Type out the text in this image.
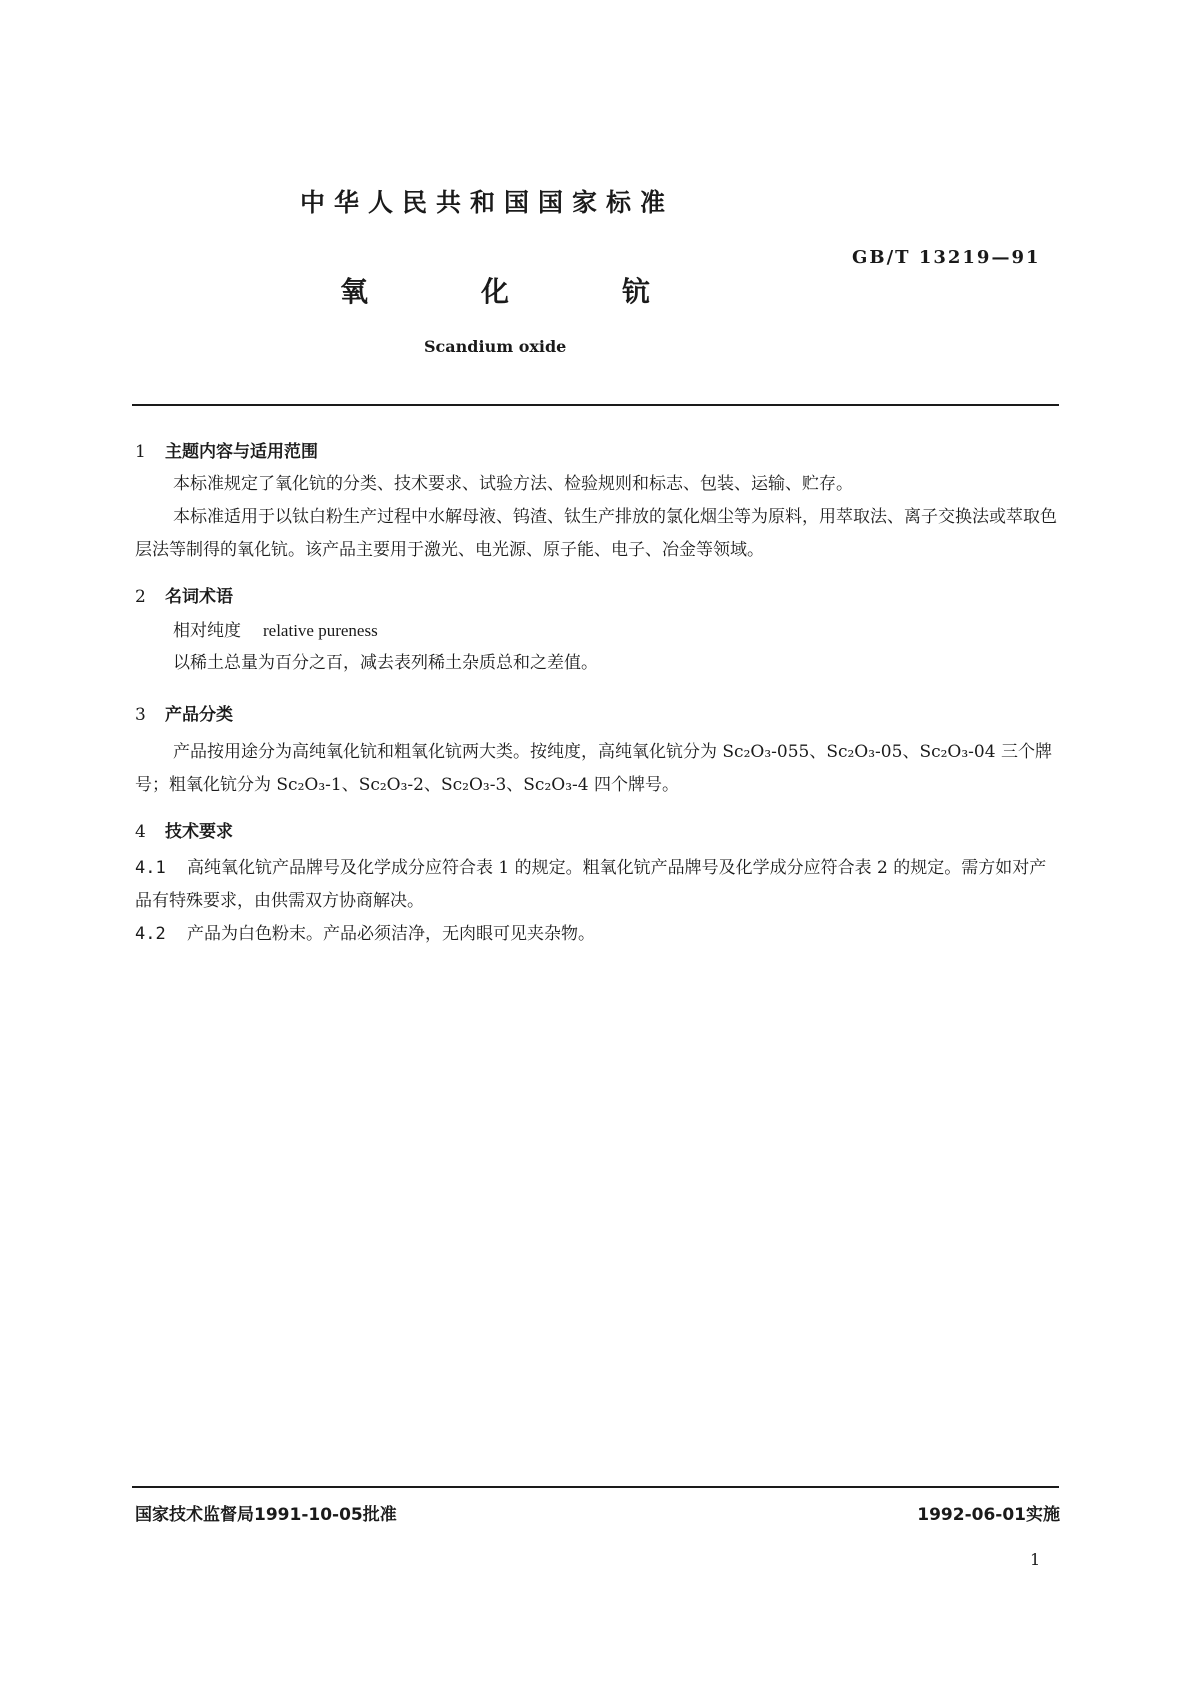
中华人民共和国国家标准
GB/T 13219—91
氧	化	钪
Scandium oxide
1 主题内容与适用范围

本标准规定了氧化钪的分类、技术要求、试验方法、检验规则和标志、包装、运输、贮存。

本标准适用于以钛白粉生产过程中水解母液、钨渣、钛生产排放的氯化烟尘等为原料，用萃取法、离子交换法或萃取色层法等制得的氧化钪。该产品主要用于激光、电光源、原子能、电子、冶金等领域。

2 名词术语
相对纯度 relative pureness
以稀土总量为百分之百，减去表列稀土杂质总和之差值。
3 产品分类

产品按用途分为高纯氧化钪和粗氧化钪两大类。按纯度，高纯氧化钪分为 Sc₂O₃-055、Sc₂O₃-05、Sc₂O₃-04 三个牌号；粗氧化钪分为 Sc₂O₃-1、Sc₂O₃-2、Sc₂O₃-3、Sc₂O₃-4 四个牌号。

4 技术要求

4.1 高纯氧化钪产品牌号及化学成分应符合表 1 的规定。粗氧化钪产品牌号及化学成分应符合表 2 的规定。需方如对产品有特殊要求，由供需双方协商解决。

4.2 产品为白色粉末。产品必须洁净，无肉眼可见夹杂物。

国家技术监督局1991-10-05批准	1992-06-01实施
1
